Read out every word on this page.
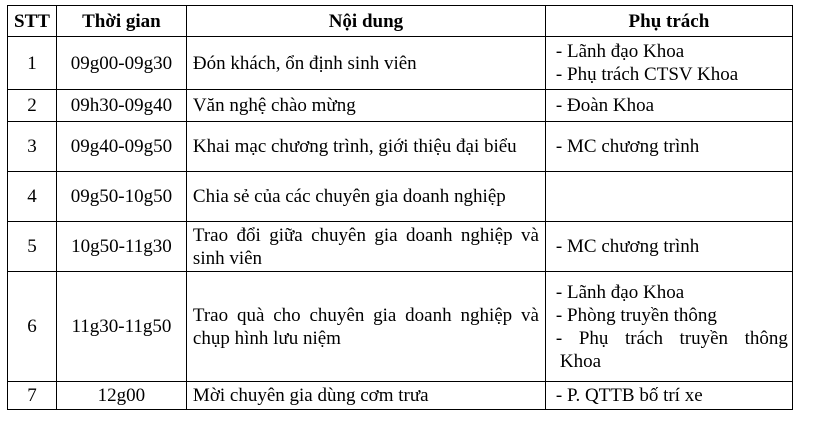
STT	Thời gian	Nội dung	Phụ trách
1	09g00-09g30	Đón khách, ổn định sinh viên	- Lãnh đạo Khoa
- Phụ trách CTSV Khoa

2	09h30-09g40	Văn nghệ chào mừng	- Đoàn Khoa

3	09g40-09g50	Khai mạc chương trình, giới thiệu đại biểu	- MC chương trình

4	09g50-10g50	Chia sẻ của các chuyên gia doanh nghiệp	
5	10g50-11g30	Trao đổi giữa chuyên gia doanh nghiệp và sinh viên	- MC chương trình

6	11g30-11g50	Trao quà cho chuyên gia doanh nghiệp và chụp hình lưu niệm	- Lãnh đạo Khoa
- Phòng truyền thông
- Phụ trách truyền thông
Khoa

7	12g00	Mời chuyên gia dùng cơm trưa	- P. QTTB bố trí xe
